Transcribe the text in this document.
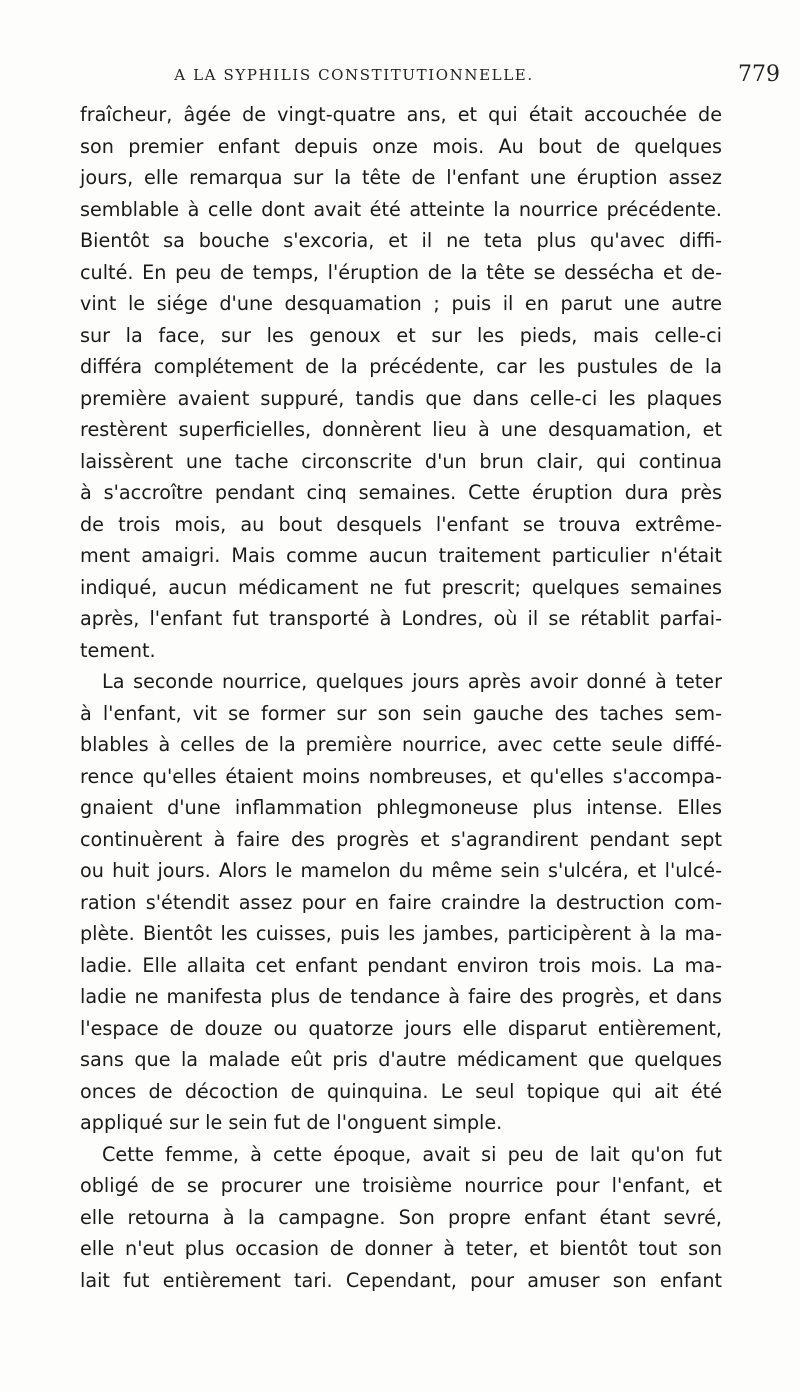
A LA SYPHILIS CONSTITUTIONNELLE.	779
fraîcheur, âgée de vingt-quatre ans, et qui était accouchée de
son premier enfant depuis onze mois. Au bout de quelques
jours, elle remarqua sur la tête de l'enfant une éruption assez
semblable à celle dont avait été atteinte la nourrice précédente.
Bientôt sa bouche s'excoria, et il ne teta plus qu'avec diffi-
culté. En peu de temps, l'éruption de la tête se dessécha et de-
vint le siége d'une desquamation ; puis il en parut une autre
sur la face, sur les genoux et sur les pieds, mais celle-ci
différa complétement de la précédente, car les pustules de la
première avaient suppuré, tandis que dans celle-ci les plaques
restèrent superficielles, donnèrent lieu à une desquamation, et
laissèrent une tache circonscrite d'un brun clair, qui continua
à s'accroître pendant cinq semaines. Cette éruption dura près
de trois mois, au bout desquels l'enfant se trouva extrême-
ment amaigri. Mais comme aucun traitement particulier n'était
indiqué, aucun médicament ne fut prescrit; quelques semaines
après, l'enfant fut transporté à Londres, où il se rétablit parfai-
tement.
La seconde nourrice, quelques jours après avoir donné à teter
à l'enfant, vit se former sur son sein gauche des taches sem-
blables à celles de la première nourrice, avec cette seule diffé-
rence qu'elles étaient moins nombreuses, et qu'elles s'accompa-
gnaient d'une inflammation phlegmoneuse plus intense. Elles
continuèrent à faire des progrès et s'agrandirent pendant sept
ou huit jours. Alors le mamelon du même sein s'ulcéra, et l'ulcé-
ration s'étendit assez pour en faire craindre la destruction com-
plète. Bientôt les cuisses, puis les jambes, participèrent à la ma-
ladie. Elle allaita cet enfant pendant environ trois mois. La ma-
ladie ne manifesta plus de tendance à faire des progrès, et dans
l'espace de douze ou quatorze jours elle disparut entièrement,
sans que la malade eût pris d'autre médicament que quelques
onces de décoction de quinquina. Le seul topique qui ait été
appliqué sur le sein fut de l'onguent simple.
Cette femme, à cette époque, avait si peu de lait qu'on fut
obligé de se procurer une troisième nourrice pour l'enfant, et
elle retourna à la campagne. Son propre enfant étant sevré,
elle n'eut plus occasion de donner à teter, et bientôt tout son
lait fut entièrement tari. Cependant, pour amuser son enfant
